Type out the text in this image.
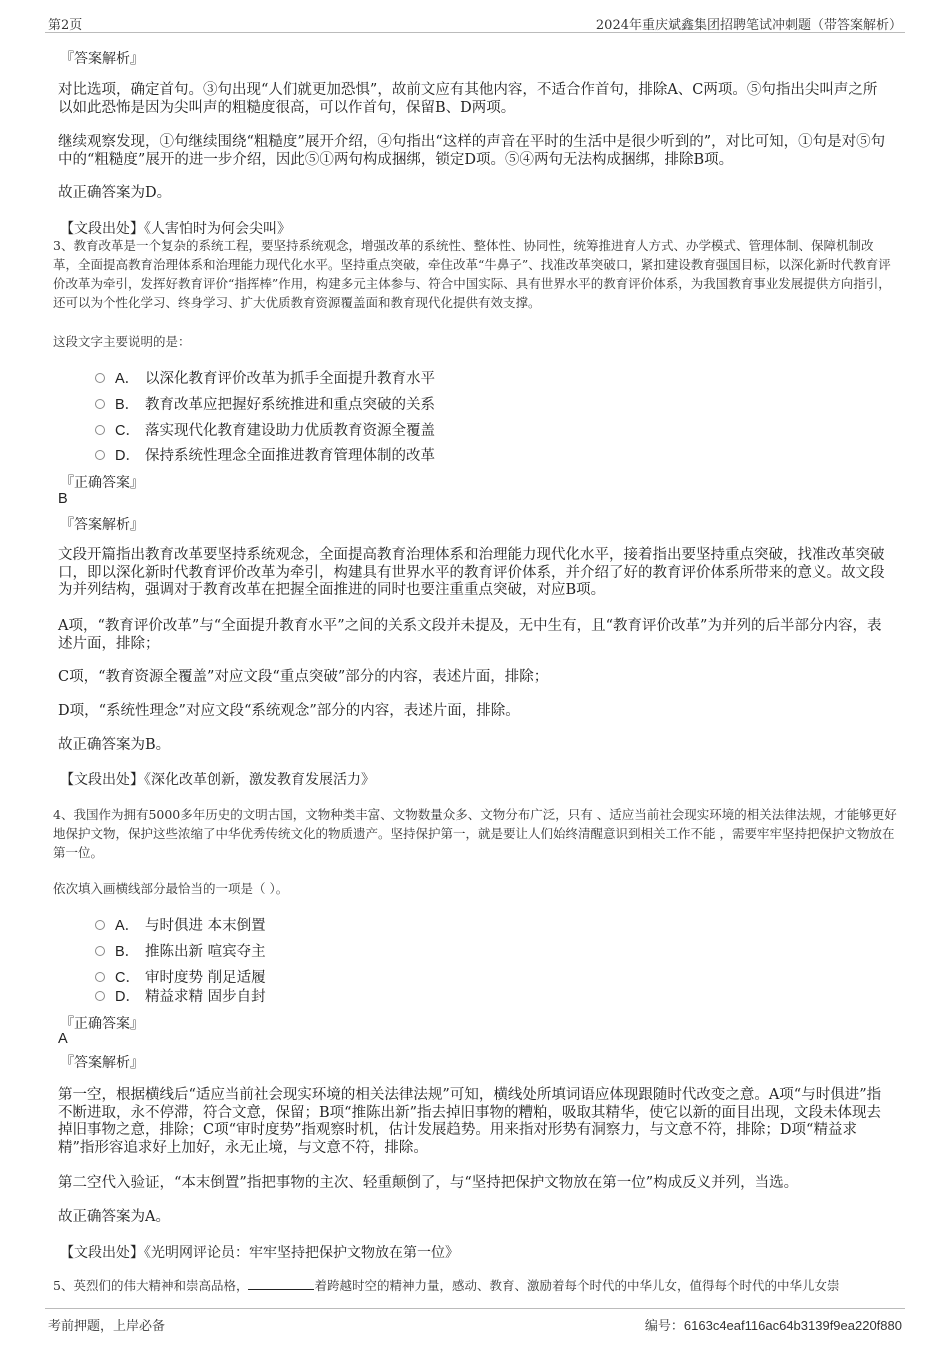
第2页	2024年重庆斌鑫集团招聘笔试冲刺题（带答案解析）
『答案解析』
对比选项，确定首句。③句出现“人们就更加恐惧”，故前文应有其他内容，不适合作首句，排除A、C两项。⑤句指出尖叫声之所以如此恐怖是因为尖叫声的粗糙度很高，可以作首句，保留B、D两项。
继续观察发现，①句继续围绕“粗糙度”展开介绍，④句指出“这样的声音在平时的生活中是很少听到的”，对比可知，①句是对⑤句中的“粗糙度”展开的进一步介绍，因此⑤①两句构成捆绑，锁定D项。⑤④两句无法构成捆绑，排除B项。
故正确答案为D。
【文段出处】《人害怕时为何会尖叫》
3、教育改革是一个复杂的系统工程，要坚持系统观念，增强改革的系统性、整体性、协同性，统筹推进育人方式、办学模式、管理体制、保障机制改革，全面提高教育治理体系和治理能力现代化水平。坚持重点突破，牵住改革“牛鼻子”、找准改革突破口，紧扣建设教育强国目标，以深化新时代教育评价改革为牵引，发挥好教育评价“指挥棒”作用，构建多元主体参与、符合中国实际、具有世界水平的教育评价体系，为我国教育事业发展提供方向指引，还可以为个性化学习、终身学习、扩大优质教育资源覆盖面和教育现代化提供有效支撑。
这段文字主要说明的是：
A． 以深化教育评价改革为抓手全面提升教育水平
B． 教育改革应把握好系统推进和重点突破的关系
C． 落实现代化教育建设助力优质教育资源全覆盖
D． 保持系统性理念全面推进教育管理体制的改革
『正确答案』
B
『答案解析』
文段开篇指出教育改革要坚持系统观念，全面提高教育治理体系和治理能力现代化水平，接着指出要坚持重点突破，找准改革突破口，即以深化新时代教育评价改革为牵引，构建具有世界水平的教育评价体系，并介绍了好的教育评价体系所带来的意义。故文段为并列结构，强调对于教育改革在把握全面推进的同时也要注重重点突破，对应B项。
A项，“教育评价改革”与“全面提升教育水平”之间的关系文段并未提及，无中生有，且“教育评价改革”为并列的后半部分内容，表述片面，排除；
C项，“教育资源全覆盖”对应文段“重点突破”部分的内容，表述片面，排除；
D项，“系统性理念”对应文段“系统观念”部分的内容，表述片面，排除。
故正确答案为B。
【文段出处】《深化改革创新，激发教育发展活力》
4、我国作为拥有5000多年历史的文明古国，文物种类丰富、文物数量众多、文物分布广泛，只有 、适应当前社会现实环境的相关法律法规，才能够更好地保护文物，保护这些浓缩了中华优秀传统文化的物质遗产。坚持保护第一，就是要让人们始终清醒意识到相关工作不能 ，需要牢牢坚持把保护文物放在第一位。
依次填入画横线部分最恰当的一项是（ ）。
A． 与时俱进 本末倒置
B． 推陈出新 喧宾夺主
C． 审时度势 削足适履
D． 精益求精 固步自封
『正确答案』
A
『答案解析』
第一空，根据横线后“适应当前社会现实环境的相关法律法规”可知，横线处所填词语应体现跟随时代改变之意。A项“与时俱进”指不断进取，永不停滞，符合文意，保留；B项“推陈出新”指去掉旧事物的糟粕，吸取其精华，使它以新的面目出现，文段未体现去掉旧事物之意，排除；C项“审时度势”指观察时机，估计发展趋势。用来指对形势有洞察力，与文意不符，排除；D项“精益求精”指形容追求好上加好，永无止境，与文意不符，排除。
第二空代入验证，“本末倒置”指把事物的主次、轻重颠倒了，与“坚持把保护文物放在第一位”构成反义并列，当选。
故正确答案为A。
【文段出处】《光明网评论员：牢牢坚持把保护文物放在第一位》
5、英烈们的伟大精神和崇高品格，	着跨越时空的精神力量，感动、教育、激励着每个时代的中华儿女，值得每个时代的中华儿女崇
考前押题，上岸必备	编号：6163c4eaf116ac64b3139f9ea220f880
